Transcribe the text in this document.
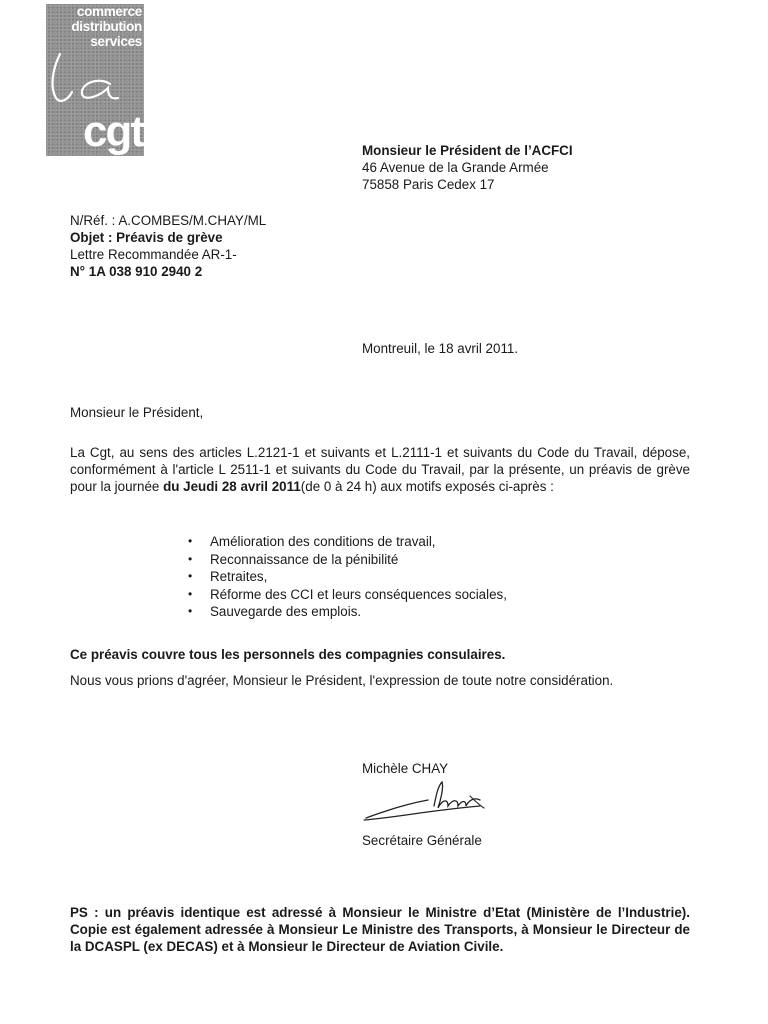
commerce
distribution
services
cgt	Monsieur le Président de l’ACFCI
46 Avenue de la Grande Armée
75858 Paris Cedex 17
N/Réf. : A.COMBES/M.CHAY/ML
Objet : Préavis de grève
Lettre Recommandée AR-1-
N° 1A 038 910 2940 2
Montreuil, le 18 avril 2011.
Monsieur le Président,

La Cgt, au sens des articles L.2121-1 et suivants et L.2111-1 et suivants du Code du Travail, dépose, conformément à l'article L 2511-1 et suivants du Code du Travail, par la présente, un préavis de grève pour la journée du Jeudi 28 avril 2011(de 0 à 24 h) aux motifs exposés ci-après :

• Amélioration des conditions de travail,
• Reconnaissance de la pénibilité
• Retraites,
• Réforme des CCI et leurs conséquences sociales,
• Sauvegarde des emplois.
Ce préavis couvre tous les personnels des compagnies consulaires.

Nous vous prions d'agréer, Monsieur le Président, l'expression de toute notre considération.

Michèle CHAY
Secrétaire Générale

PS : un préavis identique est adressé à Monsieur le Ministre d’Etat (Ministère de l’Industrie). Copie est également adressée à Monsieur Le Ministre des Transports, à Monsieur le Directeur de la DCASPL (ex DECAS) et à Monsieur le Directeur de Aviation Civile.
